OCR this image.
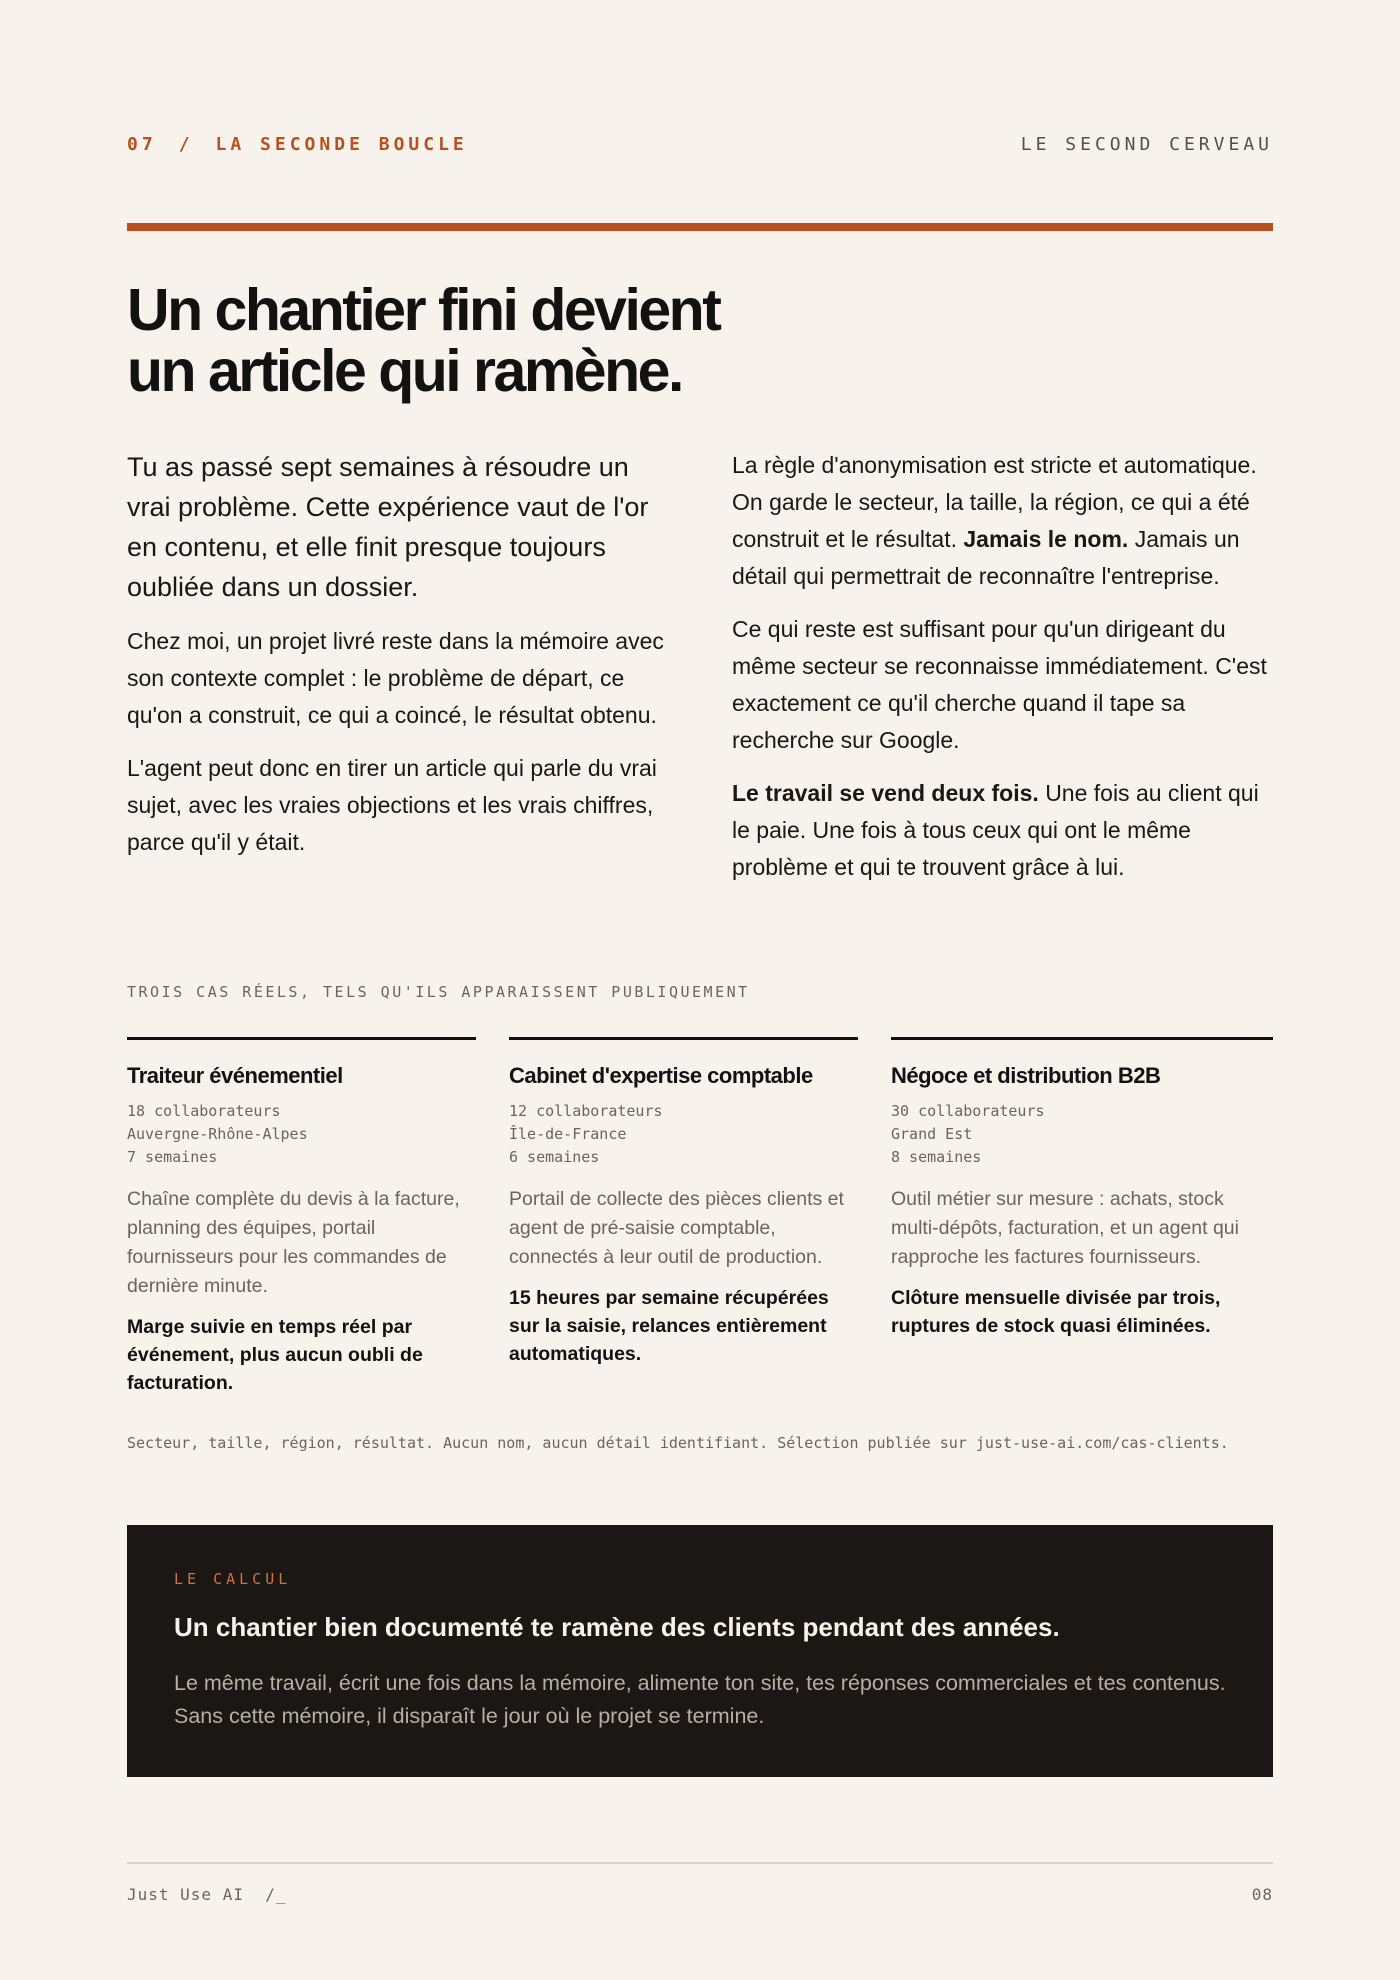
07 / LA SECONDE BOUCLE	LE SECOND CERVEAU
Un chantier fini devient
un article qui ramène.

Tu as passé sept semaines à résoudre un vrai problème. Cette expérience vaut de l'or en contenu, et elle finit presque toujours oubliée dans un dossier.

Chez moi, un projet livré reste dans la mémoire avec son contexte complet : le problème de départ, ce qu'on a construit, ce qui a coincé, le résultat obtenu.

L'agent peut donc en tirer un article qui parle du vrai sujet, avec les vraies objections et les vrais chiffres, parce qu'il y était.

La règle d'anonymisation est stricte et automatique. On garde le secteur, la taille, la région, ce qui a été construit et le résultat. Jamais le nom. Jamais un détail qui permettrait de reconnaître l'entreprise.

Ce qui reste est suffisant pour qu'un dirigeant du même secteur se reconnaisse immédiatement. C'est exactement ce qu'il cherche quand il tape sa recherche sur Google.

Le travail se vend deux fois. Une fois au client qui le paie. Une fois à tous ceux qui ont le même problème et qui te trouvent grâce à lui.

TROIS CAS RÉELS, TELS QU'ILS APPARAISSENT PUBLIQUEMENT
Traiteur événementiel
18 collaborateurs
Auvergne-Rhône-Alpes
7 semaines

Chaîne complète du devis à la facture, planning des équipes, portail fournisseurs pour les commandes de dernière minute.

Marge suivie en temps réel par événement, plus aucun oubli de facturation.

Cabinet d'expertise comptable
12 collaborateurs
Île-de-France
6 semaines

Portail de collecte des pièces clients et agent de pré-saisie comptable, connectés à leur outil de production.

15 heures par semaine récupérées sur la saisie, relances entièrement automatiques.

Négoce et distribution B2B
30 collaborateurs
Grand Est
8 semaines

Outil métier sur mesure : achats, stock multi-dépôts, facturation, et un agent qui rapproche les factures fournisseurs.

Clôture mensuelle divisée par trois, ruptures de stock quasi éliminées.

Secteur, taille, région, résultat. Aucun nom, aucun détail identifiant. Sélection publiée sur just-use-ai.com/cas-clients.

LE CALCUL
Un chantier bien documenté te ramène des clients pendant des années.

Le même travail, écrit une fois dans la mémoire, alimente ton site, tes réponses commerciales et tes contenus. Sans cette mémoire, il disparaît le jour où le projet se termine.

Just Use AI  /_	08
